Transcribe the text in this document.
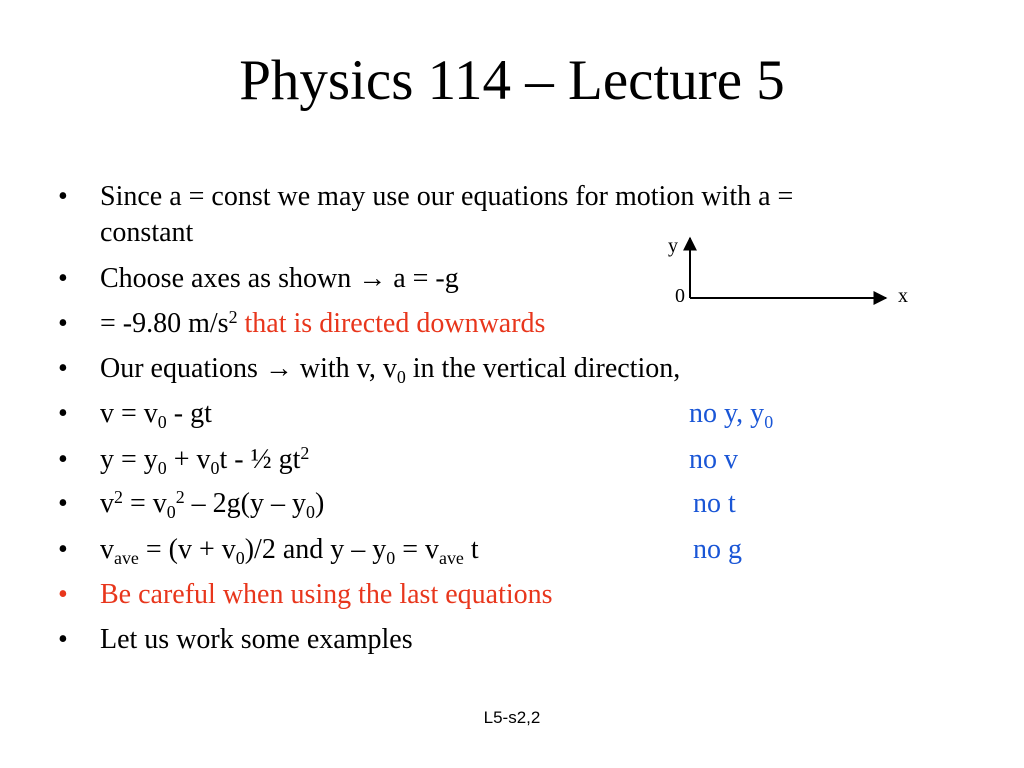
Physics 114 – Lecture 5
y
x
0
• Since a = const we may use our equations for motion with a =
constant
• Choose axes as shown → a = -g
• = -9.80 $m/s^2$ that is directed downwards
• Our equations → with v, $v_0$ in the vertical direction,
• $v = v_0$ - gt	no y, $y_0$
• $y = y_0 + v_0t$ - ½ $gt^2$	no v
• $v^2 = v_0^2 - 2g(y - y_0)$	no t
• $v_{ave} = (v + v_0)/2$ and $y - y_0 = v_{ave}$ t	no g
• Be careful when using the last equations
• Let us work some examples
L5-s2,2
